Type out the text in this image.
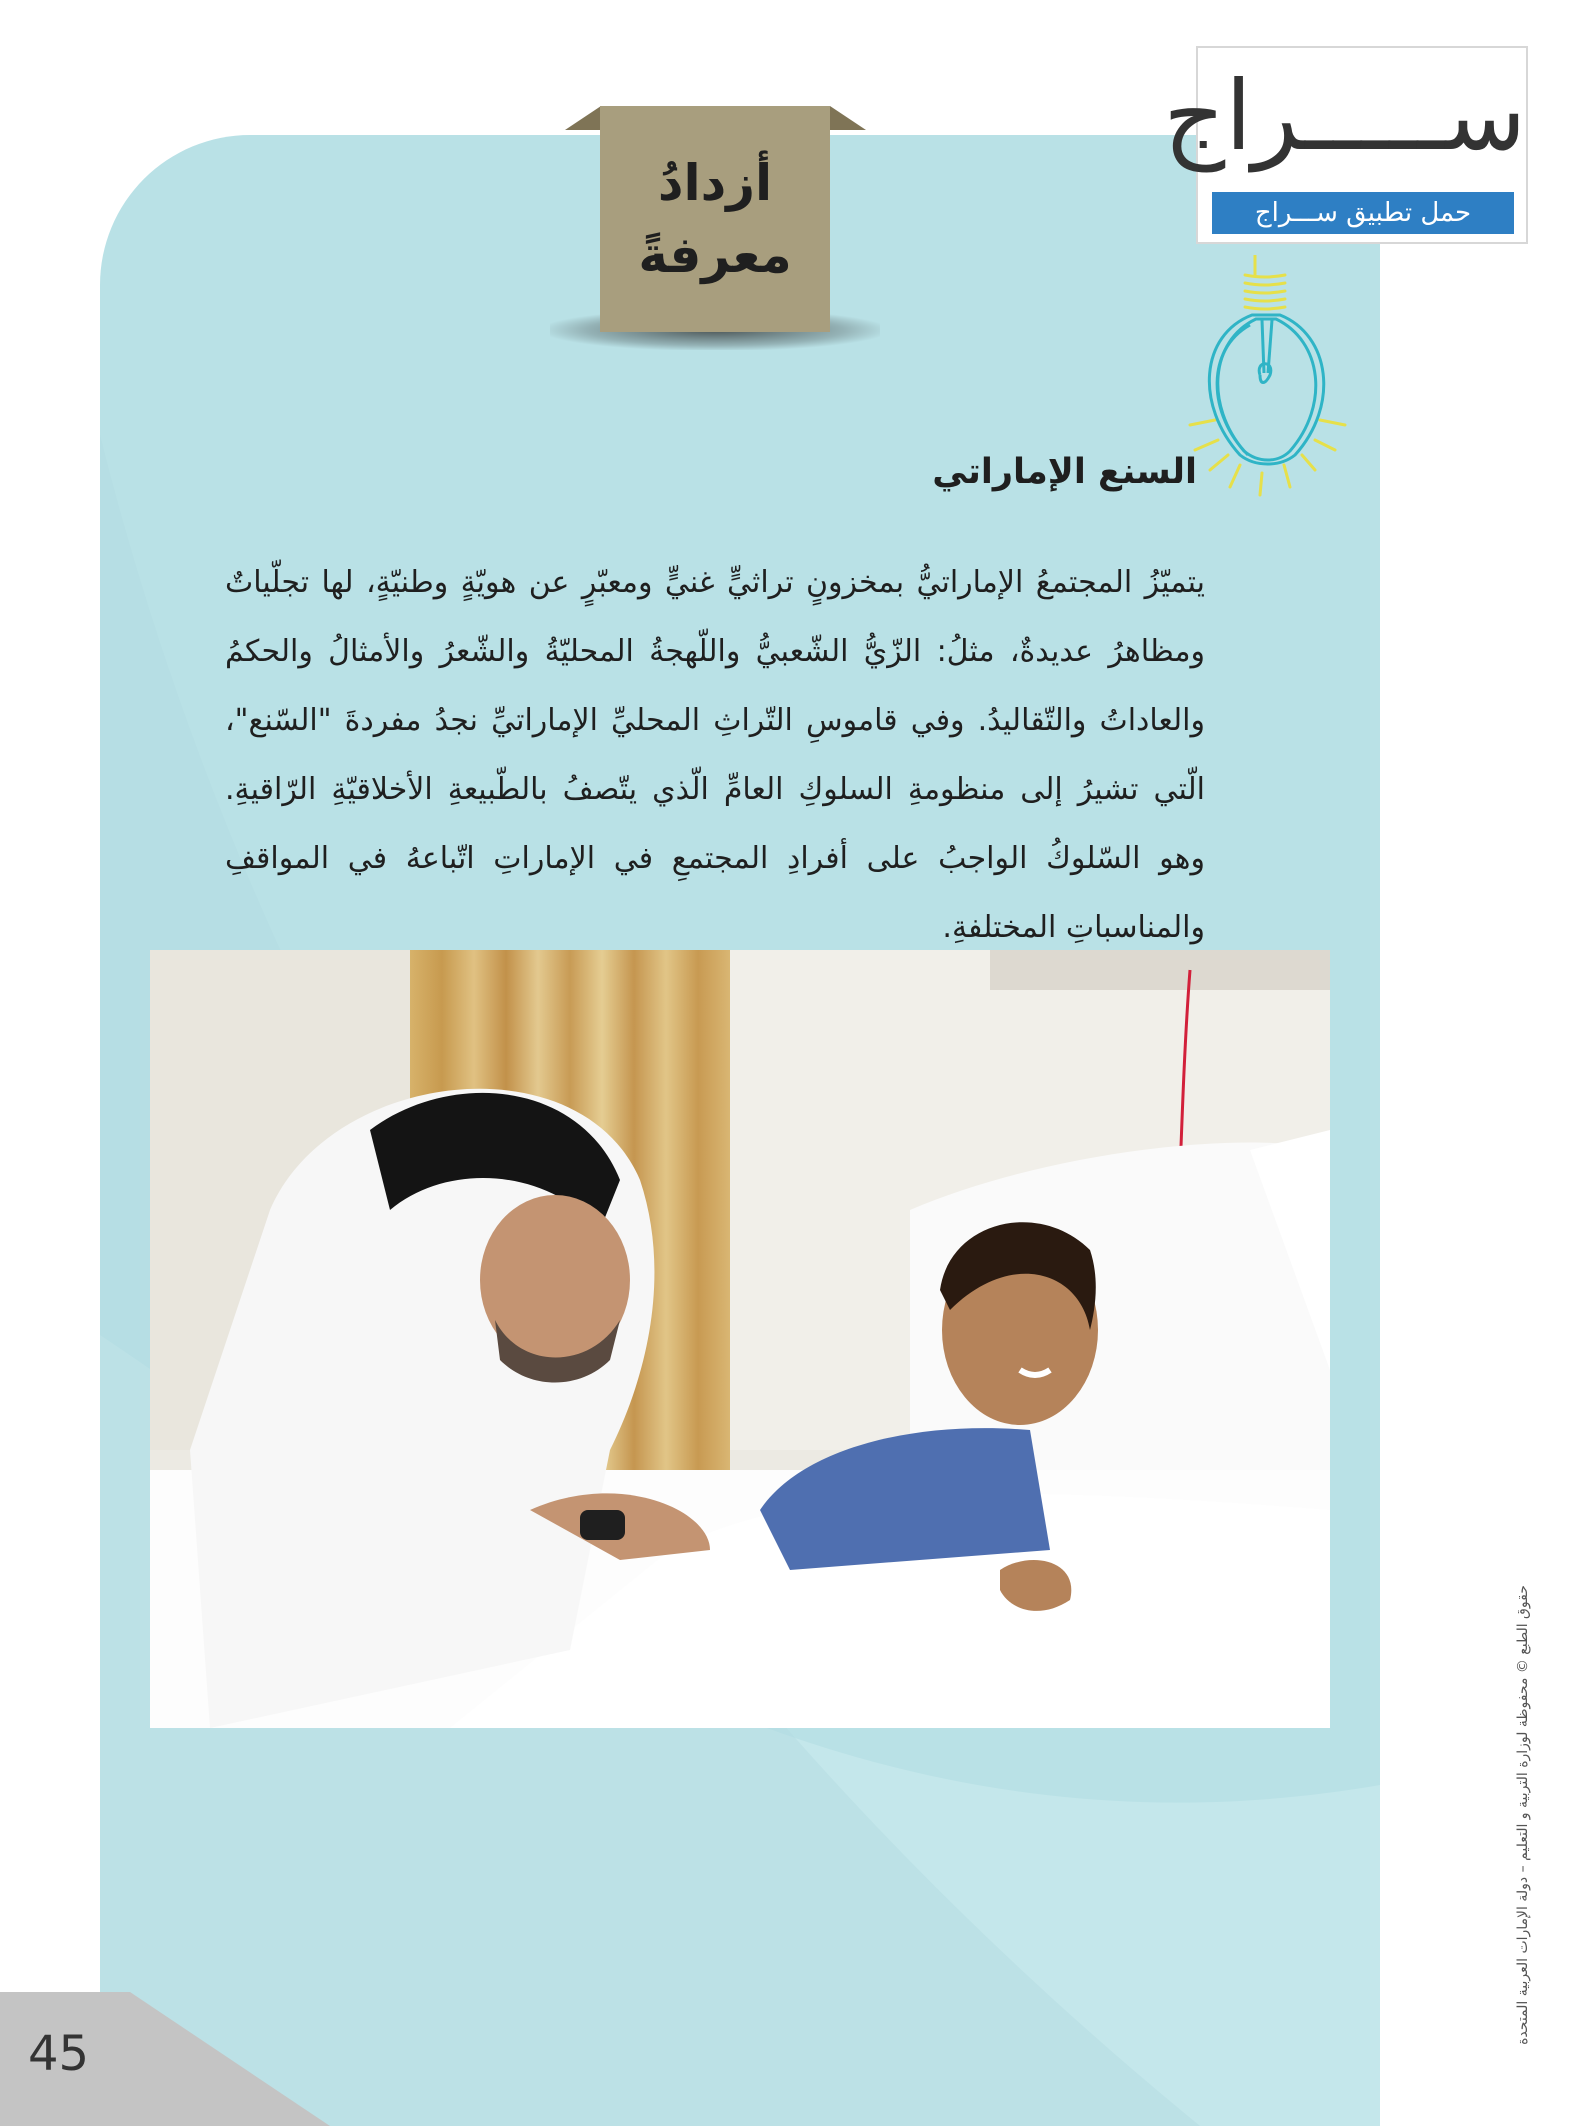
أزدادُ
معرفةً
ســـــراج
حمل تطبيق ســـراج
السنع الإماراتي
يتميّزُ المجتمعُ الإماراتيُّ بمخزونٍ تراثيٍّ غنيٍّ ومعبّرٍ عن هويّةٍ وطنيّةٍ، لها تجلّياتٌ ومظاهرُ عديدةٌ، مثلُ: الزّيُّ الشّعبيُّ واللّهجةُ المحليّةُ والشّعرُ والأمثالُ والحكمُ والعاداتُ والتّقاليدُ. وفي قاموسِ التّراثِ المحليِّ الإماراتيِّ نجدُ مفردةَ "السّنع"، الّتي تشيرُ إلى منظومةِ السلوكِ العامِّ الّذي يتّصفُ بالطّبيعةِ الأخلاقيّةِ الرّاقيةِ. وهو السّلوكُ الواجبُ على أفرادِ المجتمعِ في الإماراتِ اتّباعهُ في المواقفِ والمناسباتِ المختلفةِ.
45
حقوق الطبع © محفوظة لوزارة التربية و التعليم – دولة الإمارات العربية المتحدة
